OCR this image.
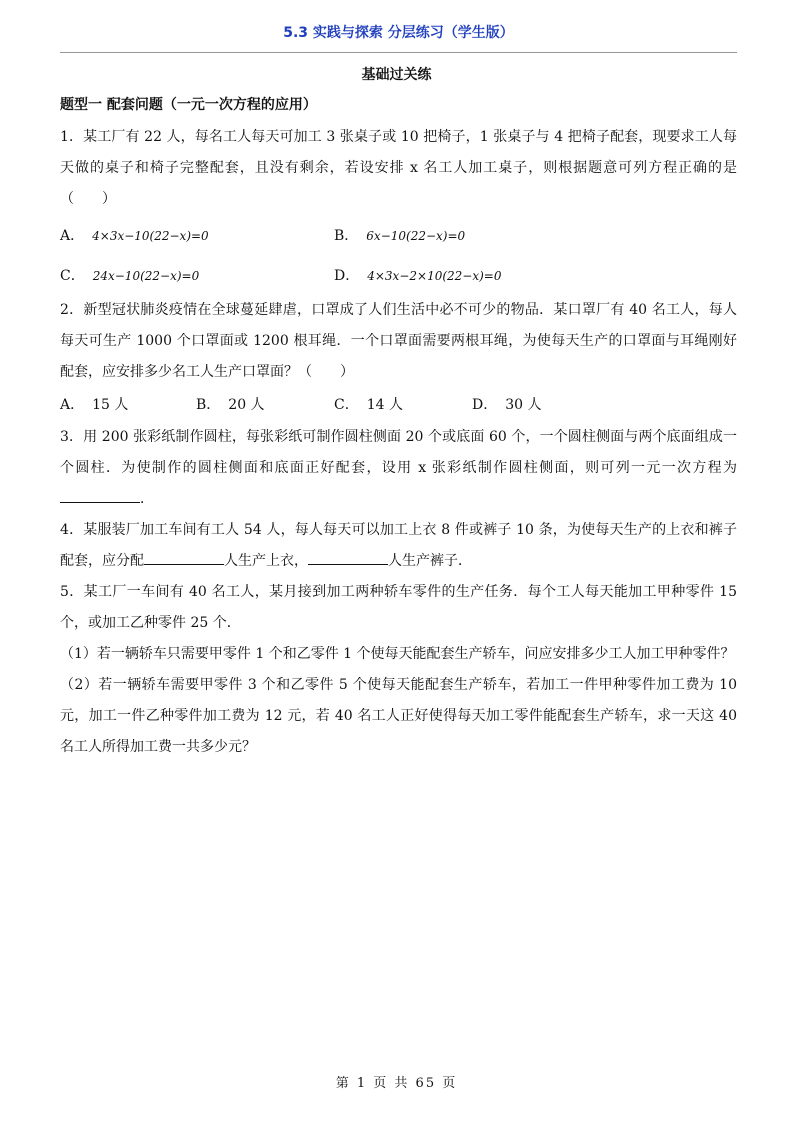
5.3 实践与探索 分层练习（学生版）
基础过关练
题型一 配套问题（一元一次方程的应用）

1．某工厂有 22 人，每名工人每天可加工 3 张桌子或 10 把椅子，1 张桌子与 4 把椅子配套，现要求工人每天做的桌子和椅子完整配套，且没有剩余，若设安排 x 名工人加工桌子，则根据题意可列方程正确的是（　　）

A． 4×3x−10(22−x)=0	B． 6x−10(22−x)=0
C． 24x−10(22−x)=0	D． 4×3x−2×10(22−x)=0

2．新型冠状肺炎疫情在全球蔓延肆虐，口罩成了人们生活中必不可少的物品．某口罩厂有 40 名工人，每人每天可生产 1000 个口罩面或 1200 根耳绳．一个口罩面需要两根耳绳，为使每天生产的口罩面与耳绳刚好配套，应安排多少名工人生产口罩面？（　　）

A． 15 人	B． 20 人	C． 14 人	D． 30 人

3．用 200 张彩纸制作圆柱，每张彩纸可制作圆柱侧面 20 个或底面 60 个，一个圆柱侧面与两个底面组成一个圆柱．为使制作的圆柱侧面和底面正好配套，设用 x 张彩纸制作圆柱侧面，则可列一元一次方程为．

4．某服装厂加工车间有工人 54 人，每人每天可以加工上衣 8 件或裤子 10 条，为使每天生产的上衣和裤子配套，应分配	人生产上衣，	人生产裤子．

5．某工厂一车间有 40 名工人，某月接到加工两种轿车零件的生产任务．每个工人每天能加工甲种零件 15 个，或加工乙种零件 25 个．

（1）若一辆轿车只需要甲零件 1 个和乙零件 1 个使每天能配套生产轿车，问应安排多少工人加工甲种零件？

（2）若一辆轿车需要甲零件 3 个和乙零件 5 个使每天能配套生产轿车，若加工一件甲种零件加工费为 10 元，加工一件乙种零件加工费为 12 元，若 40 名工人正好使得每天加工零件能配套生产轿车，求一天这 40 名工人所得加工费一共多少元？

第 1 页 共 65 页
